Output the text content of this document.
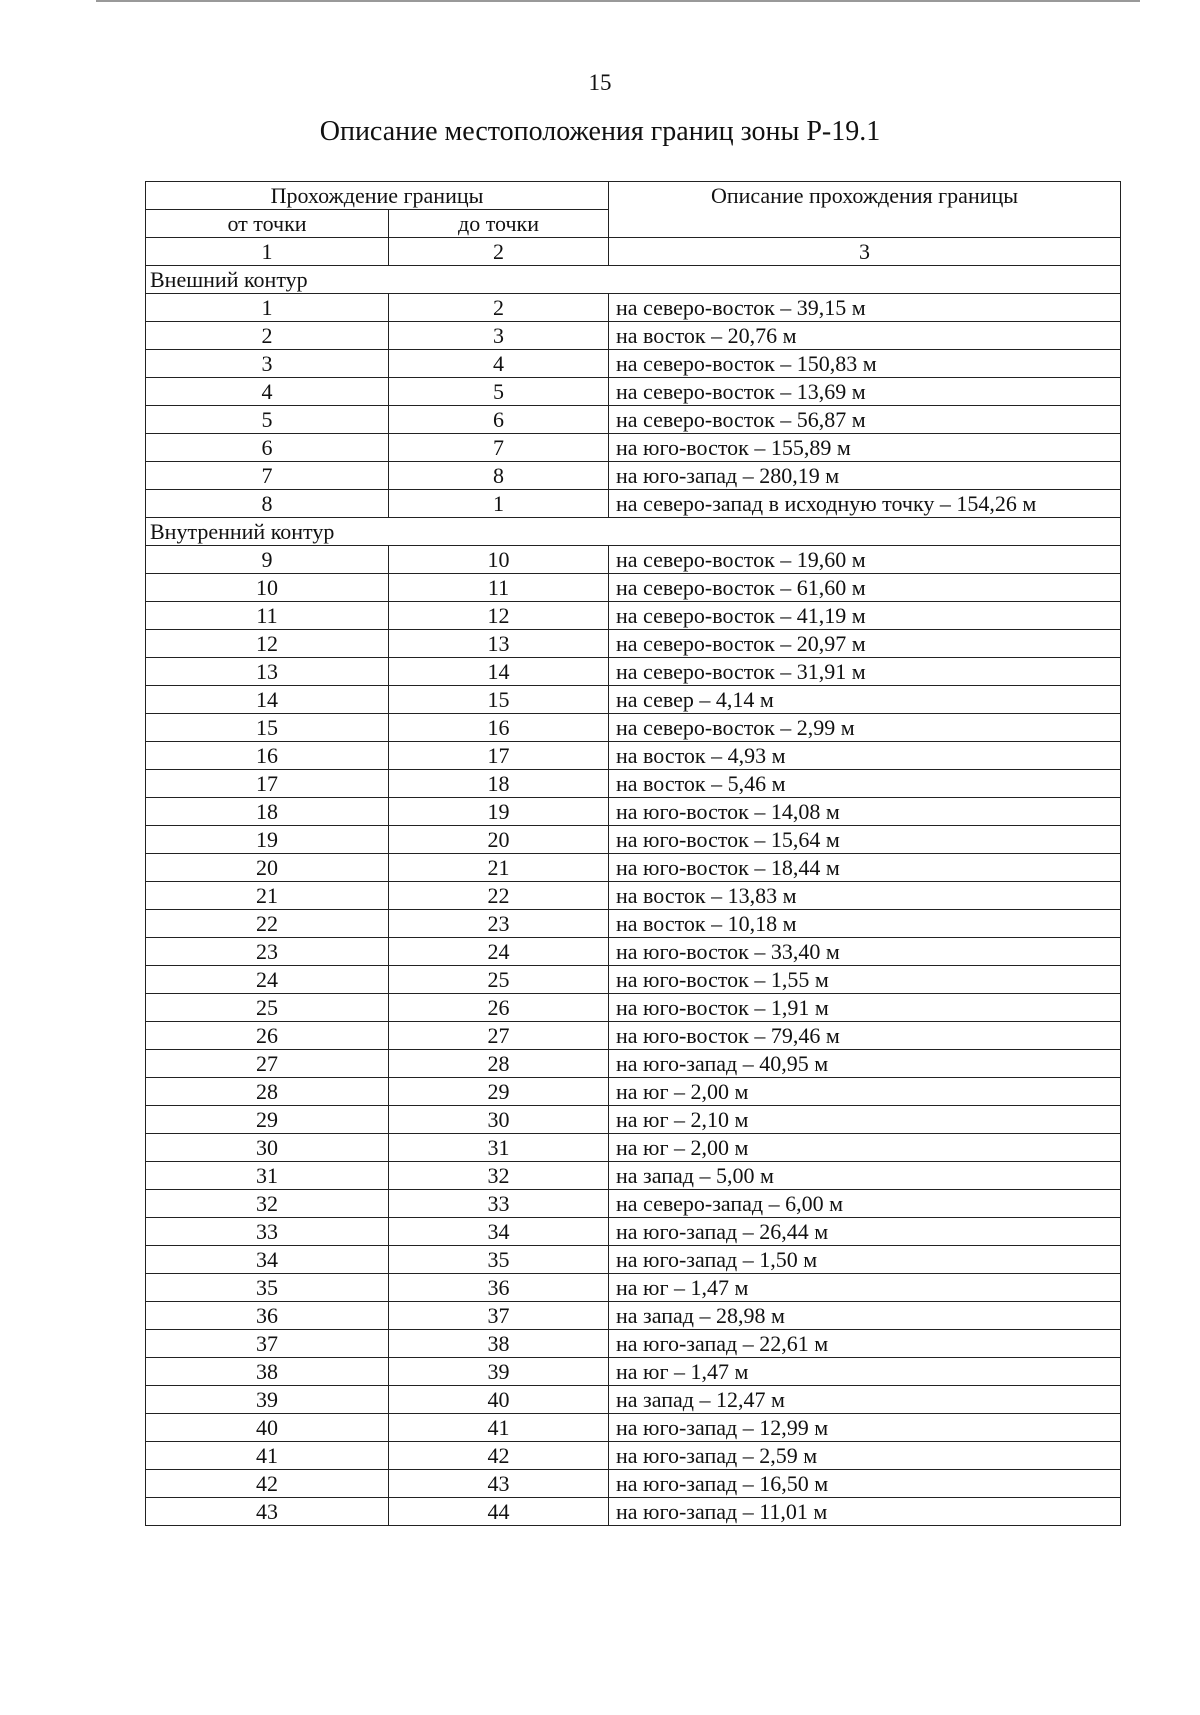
15
Описание местоположения границ зоны Р-19.1
Прохождение границы		Описание прохождения границы
от точки	до точки	
1	2	3
Внешний контур		
1	2	на северо-восток – 39,15 м
2	3	на восток – 20,76 м
3	4	на северо-восток – 150,83 м
4	5	на северо-восток – 13,69 м
5	6	на северо-восток – 56,87 м
6	7	на юго-восток – 155,89 м
7	8	на юго-запад – 280,19 м
8	1	на северо-запад в исходную точку – 154,26 м
Внутренний контур		
9	10	на северо-восток – 19,60 м
10	11	на северо-восток – 61,60 м
11	12	на северо-восток – 41,19 м
12	13	на северо-восток – 20,97 м
13	14	на северо-восток – 31,91 м
14	15	на север – 4,14 м
15	16	на северо-восток – 2,99 м
16	17	на восток – 4,93 м
17	18	на восток – 5,46 м
18	19	на юго-восток – 14,08 м
19	20	на юго-восток – 15,64 м
20	21	на юго-восток – 18,44 м
21	22	на восток – 13,83 м
22	23	на восток – 10,18 м
23	24	на юго-восток – 33,40 м
24	25	на юго-восток – 1,55 м
25	26	на юго-восток – 1,91 м
26	27	на юго-восток – 79,46 м
27	28	на юго-запад – 40,95 м
28	29	на юг – 2,00 м
29	30	на юг – 2,10 м
30	31	на юг – 2,00 м
31	32	на запад – 5,00 м
32	33	на северо-запад – 6,00 м
33	34	на юго-запад – 26,44 м
34	35	на юго-запад – 1,50 м
35	36	на юг – 1,47 м
36	37	на запад – 28,98 м
37	38	на юго-запад – 22,61 м
38	39	на юг – 1,47 м
39	40	на запад – 12,47 м
40	41	на юго-запад – 12,99 м
41	42	на юго-запад – 2,59 м
42	43	на юго-запад – 16,50 м
43	44	на юго-запад – 11,01 м
